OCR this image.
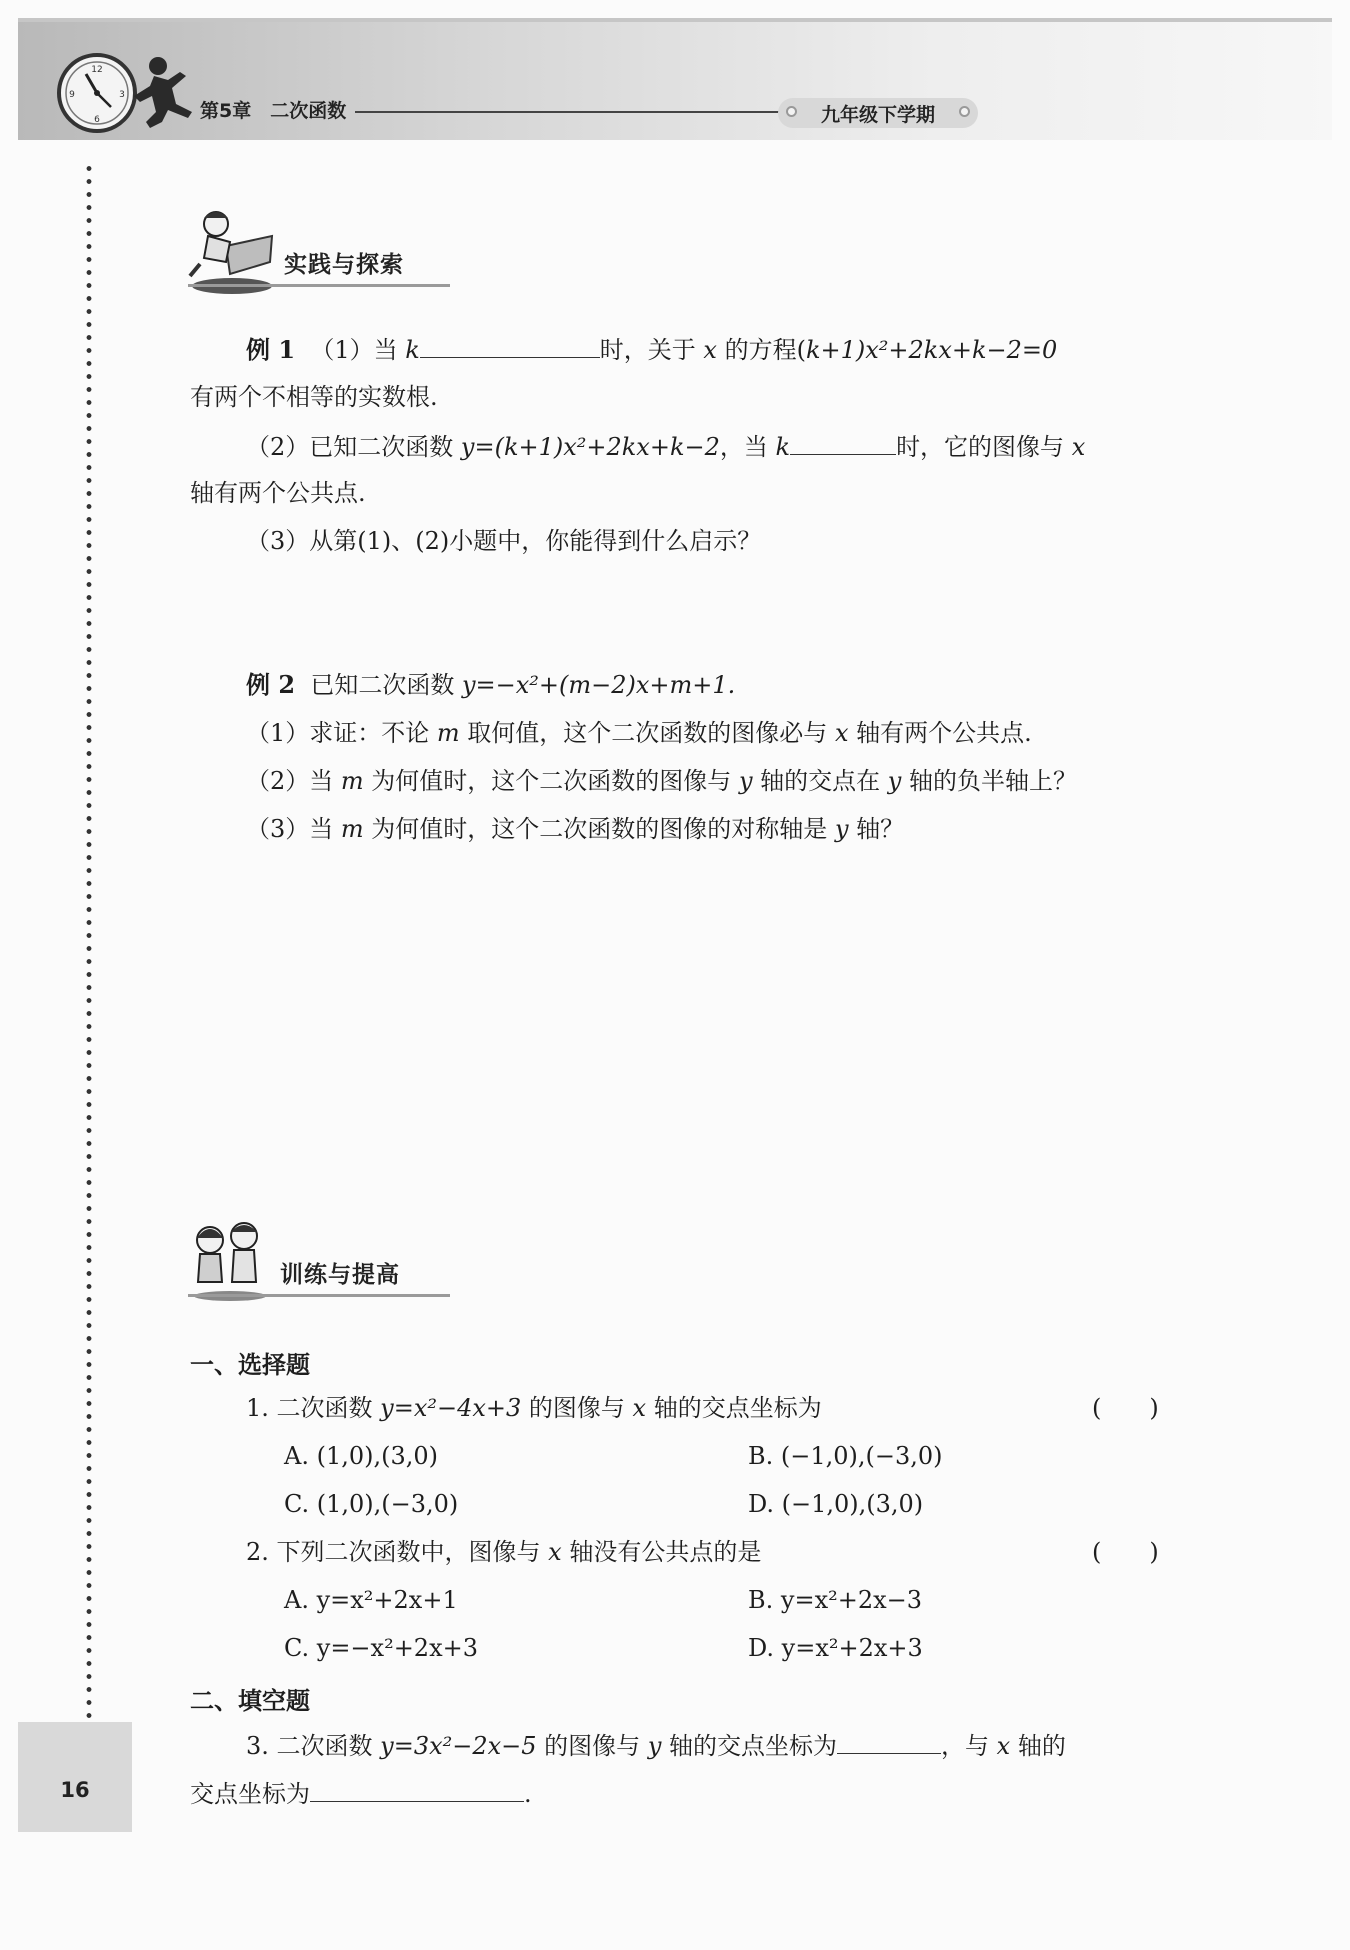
12
3
6
9
第5章　二次函数	九年级下学期
实践与探索
例 1 （1）当 k	时，关于 x 的方程(k+1)x²+2kx+k−2=0
有两个不相等的实数根.
（2）已知二次函数 y=(k+1)x²+2kx+k−2，当 k	时，它的图像与 x
轴有两个公共点.
（3）从第(1)、(2)小题中，你能得到什么启示？
例 2 已知二次函数 y=−x²+(m−2)x+m+1.
（1）求证：不论 m 取何值，这个二次函数的图像必与 x 轴有两个公共点.
（2）当 m 为何值时，这个二次函数的图像与 y 轴的交点在 y 轴的负半轴上？
（3）当 m 为何值时，这个二次函数的图像的对称轴是 y 轴？
训练与提高
一、选择题
1. 二次函数 y=x²−4x+3 的图像与 x 轴的交点坐标为	(　　)
A. (1,0),(3,0)	B. (−1,0),(−3,0)
C. (1,0),(−3,0)	D. (−1,0),(3,0)
2. 下列二次函数中，图像与 x 轴没有公共点的是	(　　)
A. y=x²+2x+1	B. y=x²+2x−3
C. y=−x²+2x+3	D. y=x²+2x+3
二、填空题
3. 二次函数 y=3x²−2x−5 的图像与 y 轴的交点坐标为	，与 x 轴的
交点坐标为	.
16
